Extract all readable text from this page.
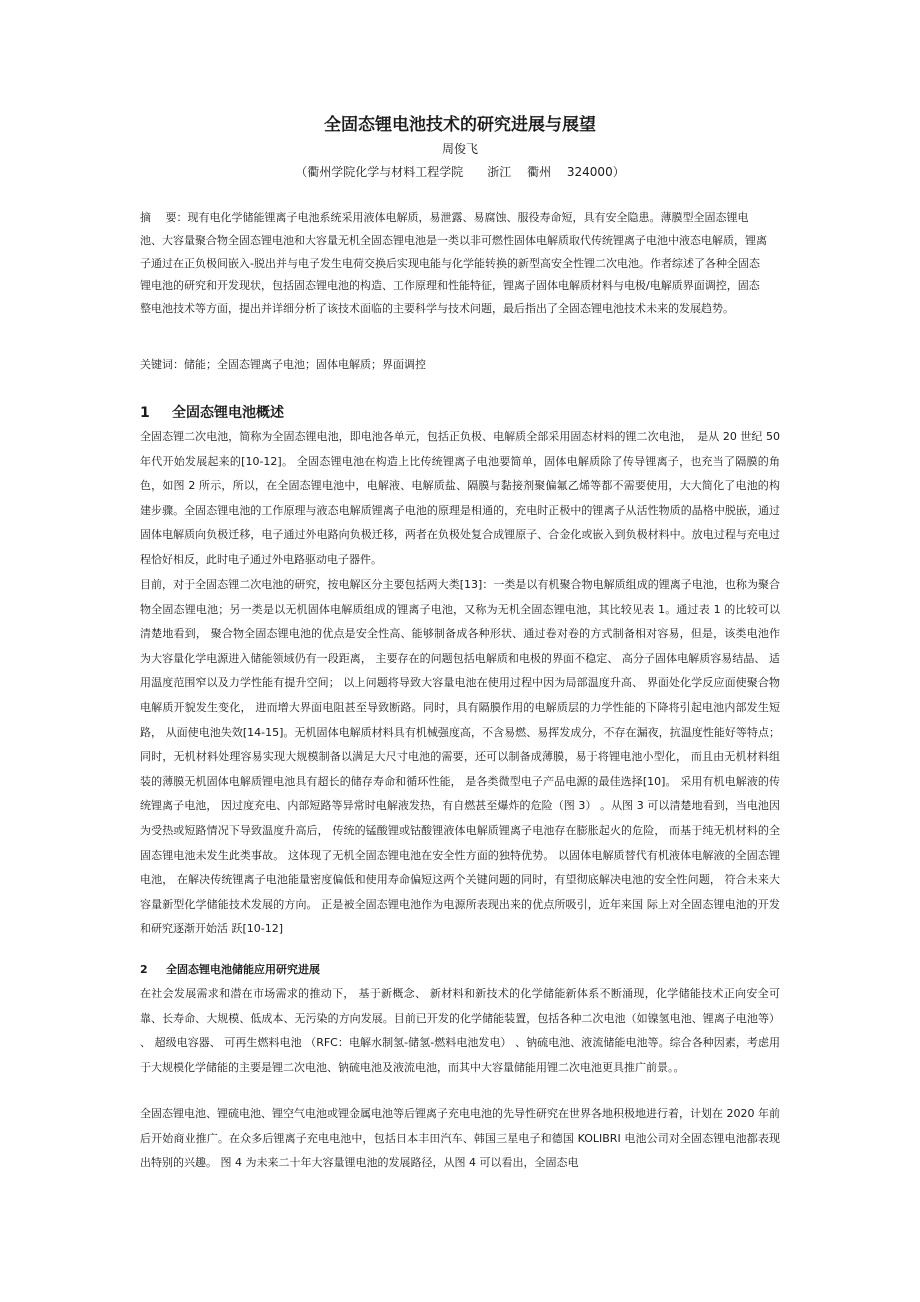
全固态锂电池技术的研究进展与展望

周俊飞

（衢州学院化学与材料工程学院　　浙江　 衢州　 324000）

摘　 要：现有电化学储能锂离子电池系统采用液体电解质，易泄露、易腐蚀、服役寿命短，具有安全隐患。薄膜型全固态锂电池、大容量聚合物全固态锂电池和大容量无机全固态锂电池是一类以非可燃性固体电解质取代传统锂离子电池中液态电解质，锂离子通过在正负极间嵌入-脱出并与电子发生电荷交换后实现电能与化学能转换的新型高安全性锂二次电池。作者综述了各种全固态锂电池的研究和开发现状，包括固态锂电池的构造、工作原理和性能特征，锂离子固体电解质材料与电极/电解质界面调控，固态整电池技术等方面，提出并详细分析了该技术面临的主要科学与技术问题，最后指出了全固态锂电池技术未来的发展趋势。

关键词：储能；全固态锂离子电池；固体电解质；界面调控

1 全固态锂电池概述

全固态锂二次电池，简称为全固态锂电池，即电池各单元，包括正负极、电解质全部采用固态材料的锂二次电池，　是从 20 世纪 50 年代开始发展起来的[10-12]。 全固态锂电池在构造上比传统锂离子电池要简单，固体电解质除了传导锂离子，也充当了隔膜的角色，如图 2 所示，所以，在全固态锂电池中，电解液、电解质盐、隔膜与黏接剂聚偏氟乙烯等都不需要使用，大大简化了电池的构建步骤。全固态锂电池的工作原理与液态电解质锂离子电池的原理是相通的，充电时正极中的锂离子从活性物质的晶格中脱嵌，通过固体电解质向负极迁移，电子通过外电路向负极迁移，两者在负极处复合成锂原子、合金化或嵌入到负极材料中。放电过程与充电过程恰好相反，此时电子通过外电路驱动电子器件。

目前，对于全固态锂二次电池的研究，按电解区分主要包括两大类[13]：一类是以有机聚合物电解质组成的锂离子电池，也称为聚合物全固态锂电池；另一类是以无机固体电解质组成的锂离子电池，又称为无机全固态锂电池，其比较见表 1。通过表 1 的比较可以清楚地看到， 聚合物全固态锂电池的优点是安全性高、能够制备成各种形状、通过卷对卷的方式制备相对容易，但是，该类电池作为大容量化学电源进入储能领域仍有一段距离， 主要存在的问题包括电解质和电极的界面不稳定、 高分子固体电解质容易结晶、 适用温度范围窄以及力学性能有提升空间； 以上问题将导致大容量电池在使用过程中因为局部温度升高、 界面处化学反应面使聚合物电解质开貌发生变化， 进而增大界面电阻甚至导致断路。同时，具有隔膜作用的电解质层的力学性能的下降将引起电池内部发生短路， 从面使电池失效[14-15]。无机固体电解质材料具有机械强度高，不含易燃、易挥发成分，不存在漏夜，抗温度性能好等特点；同时，无机材料处理容易实现大规模制备以满足大尺寸电池的需要，还可以制备成薄膜，易于将锂电池小型化， 而且由无机材料组装的薄膜无机固体电解质锂电池具有超长的储存寿命和循环性能， 是各类微型电子产品电源的最佳选择[10]。 采用有机电解液的传统锂离子电池， 因过度充电、内部短路等异常时电解液发热，有自燃甚至爆炸的危险（图 3） 。从图 3 可以清楚地看到，当电池因为受热或短路情况下导致温度升高后， 传统的锰酸锂或钴酸锂液体电解质锂离子电池存在膨胀起火的危险， 而基于纯无机材料的全固态锂电池未发生此类事故。 这体现了无机全固态锂电池在安全性方面的独特优势。 以固体电解质替代有机液体电解液的全固态锂电池， 在解决传统锂离子电池能量密度偏低和使用寿命偏短这两个关键问题的同时，有望彻底解决电池的安全性问题， 符合未来大容量新型化学储能技术发展的方向。 正是被全固态锂电池作为电源所表现出来的优点所吸引，近年来国 际上对全固态锂电池的开发和研究逐渐开始活 跃[10-12]

2 全固态锂电池储能应用研究进展

在社会发展需求和潜在市场需求的推动下， 基于新概念、 新材料和新技术的化学储能新体系不断涌现，化学储能技术正向安全可靠、长寿命、大规模、低成本、无污染的方向发展。目前已开发的化学储能装置，包括各种二次电池（如镍氢电池、锂离子电池等） 、 超级电容器、 可再生燃料电池 （RFC：电解水制氢-储氢-燃料电池发电） 、钠硫电池、液流储能电池等。综合各种因素，考虑用于大规模化学储能的主要是锂二次电池、钠硫电池及液流电池，而其中大容量储能用锂二次电池更具推广前景。。

全固态锂电池、锂硫电池、锂空气电池或锂金属电池等后锂离子充电电池的先导性研究在世界各地积极地进行着，计划在 2020 年前后开始商业推广。在众多后锂离子充电电池中，包括日本丰田汽车、韩国三星电子和德国 KOLIBRI 电池公司对全固态锂电池都表现出特别的兴趣。 图 4 为未来二十年大容量锂电池的发展路径，从图 4 可以看出，全固态电
